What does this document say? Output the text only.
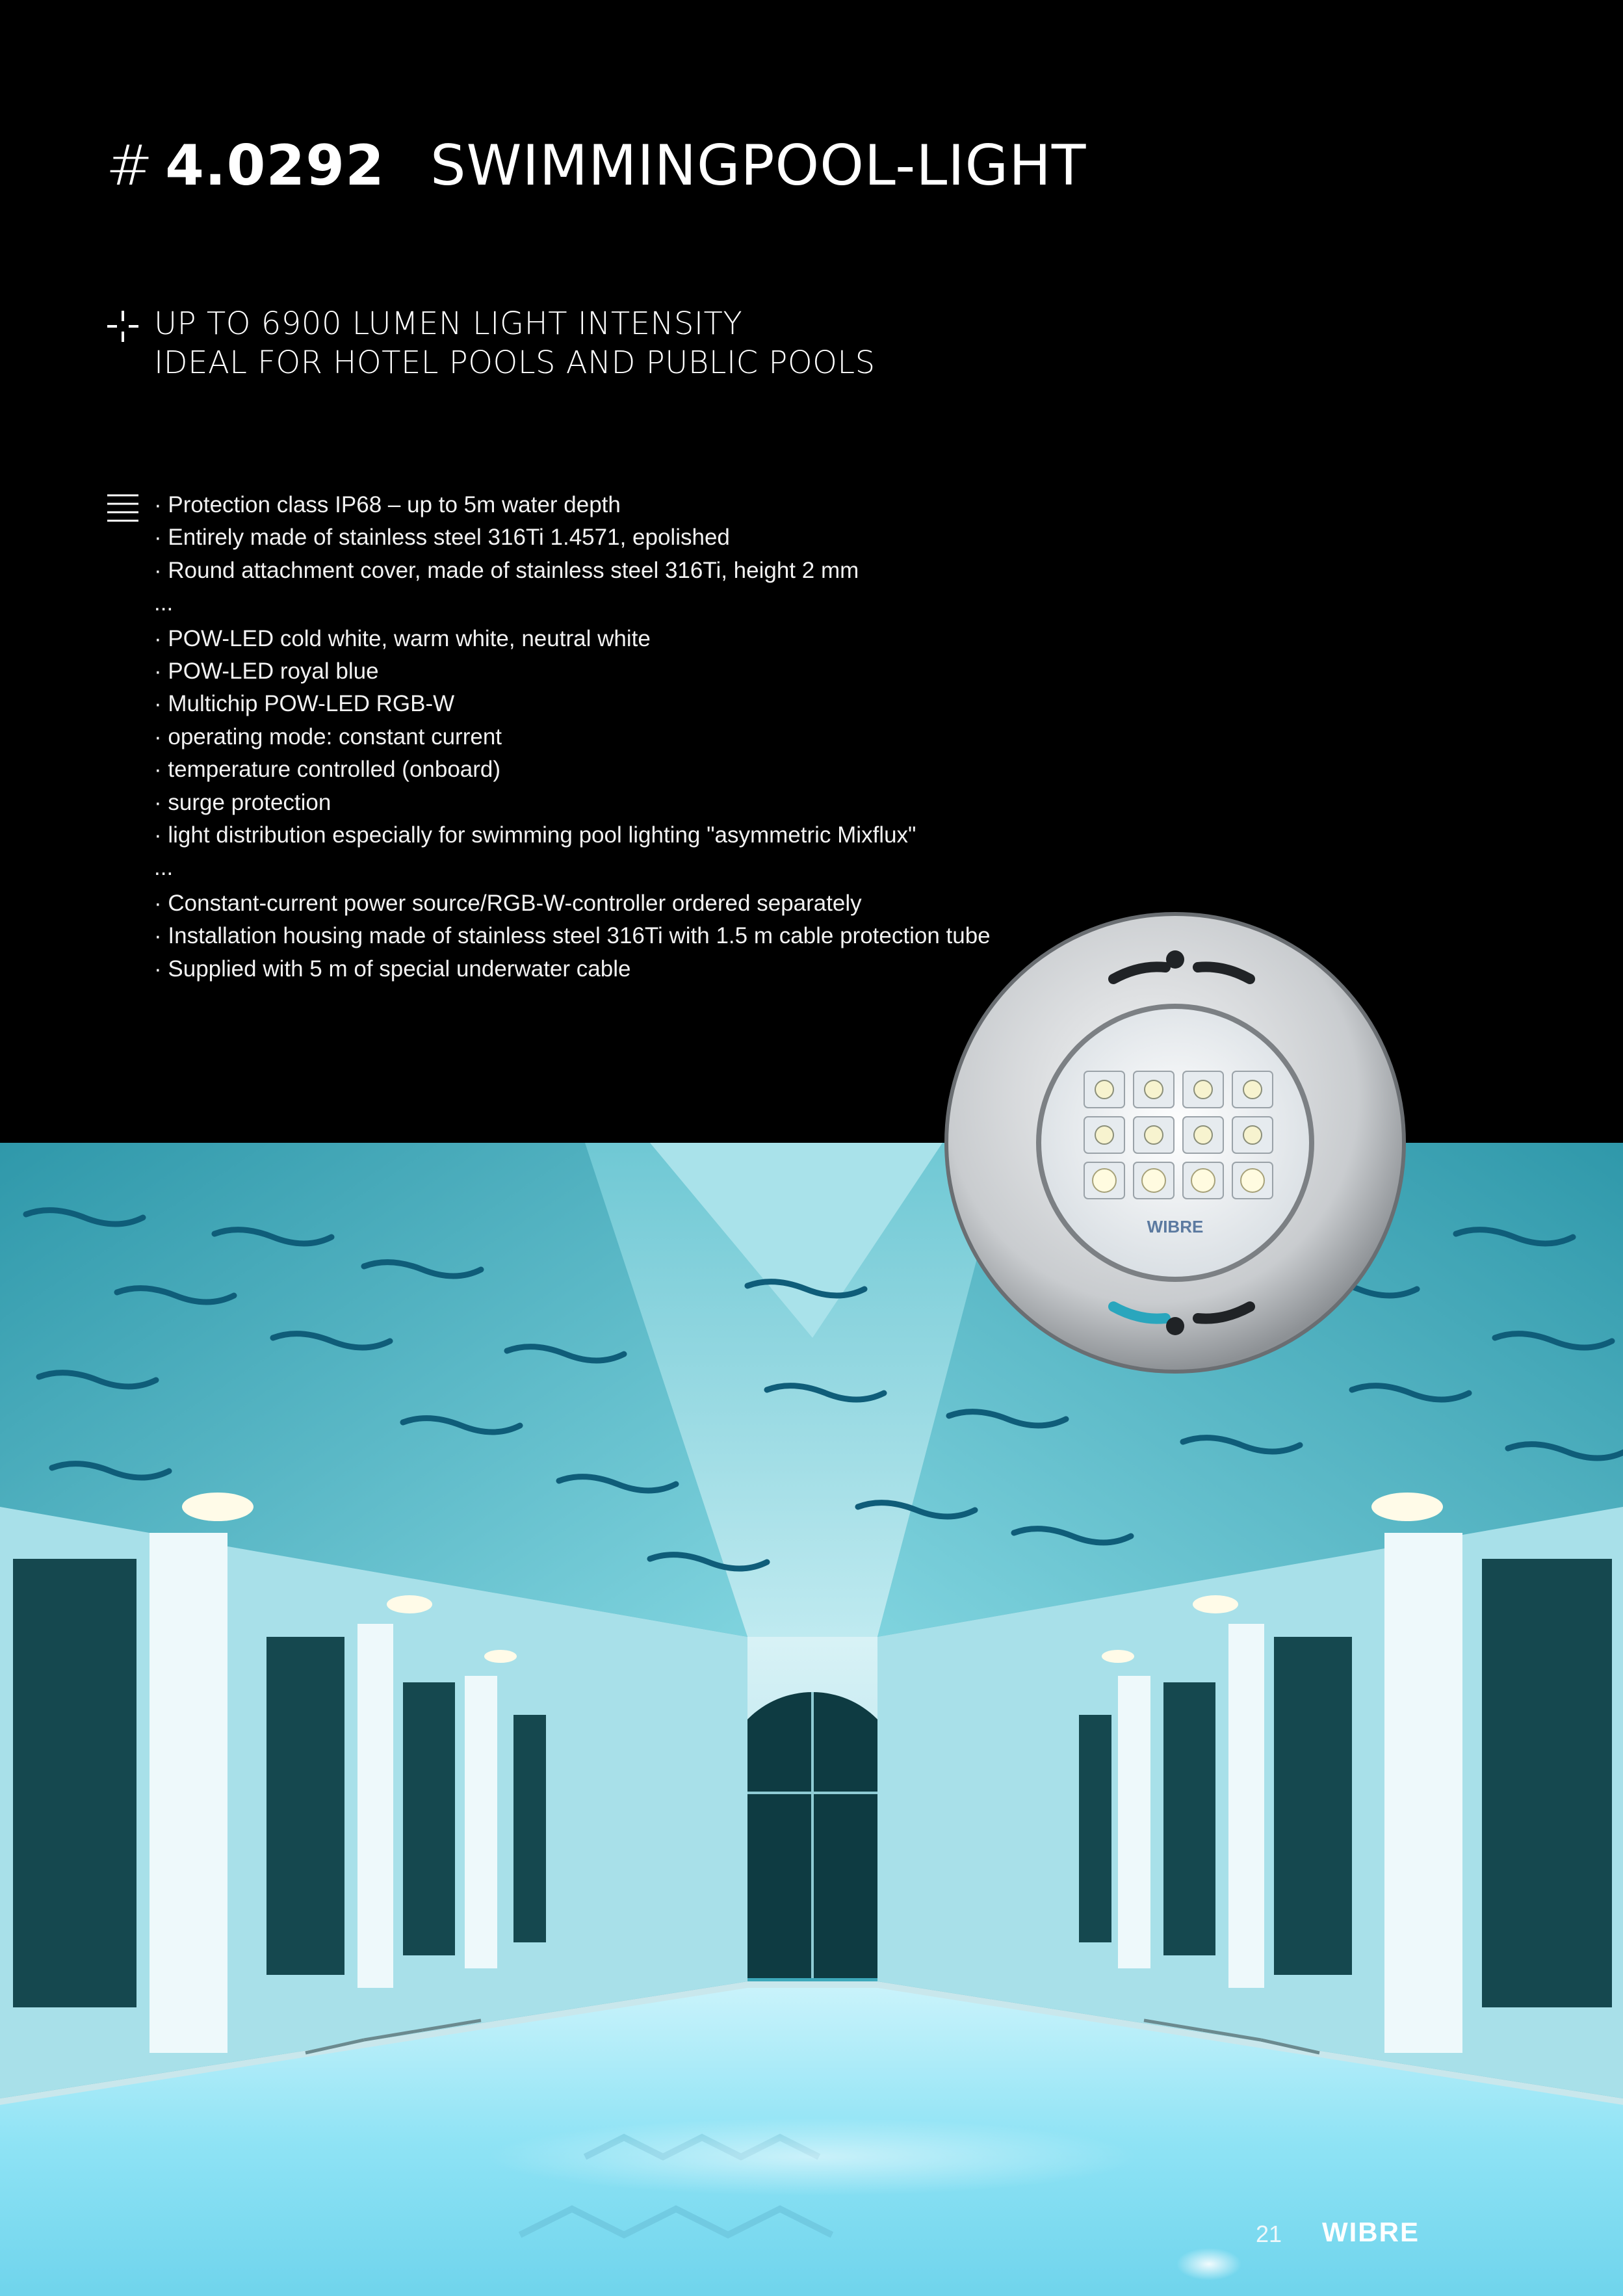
# 4.0292 SWIMMINGPOOL-LIGHT
UP TO 6900 LUMEN LIGHT INTENSITY
IDEAL FOR HOTEL POOLS AND PUBLIC POOLS
· Protection class IP68 – up to 5m water depth
· Entirely made of stainless steel 316Ti 1.4571, epolished
· Round attachment cover, made of stainless steel 316Ti, height 2 mm
...
· POW-LED cold white, warm white, neutral white
· POW-LED royal blue
· Multichip POW-LED RGB-W
· operating mode: constant current
· temperature controlled (onboard)
· surge protection
· light distribution especially for swimming pool lighting "asymmetric Mixflux"
...
· Constant-current power source/RGB-W-controller ordered separately
· Installation housing made of stainless steel 316Ti with 1.5 m cable protection tube
· Supplied with 5 m of special underwater cable
WIBRE
21 WIBRE
